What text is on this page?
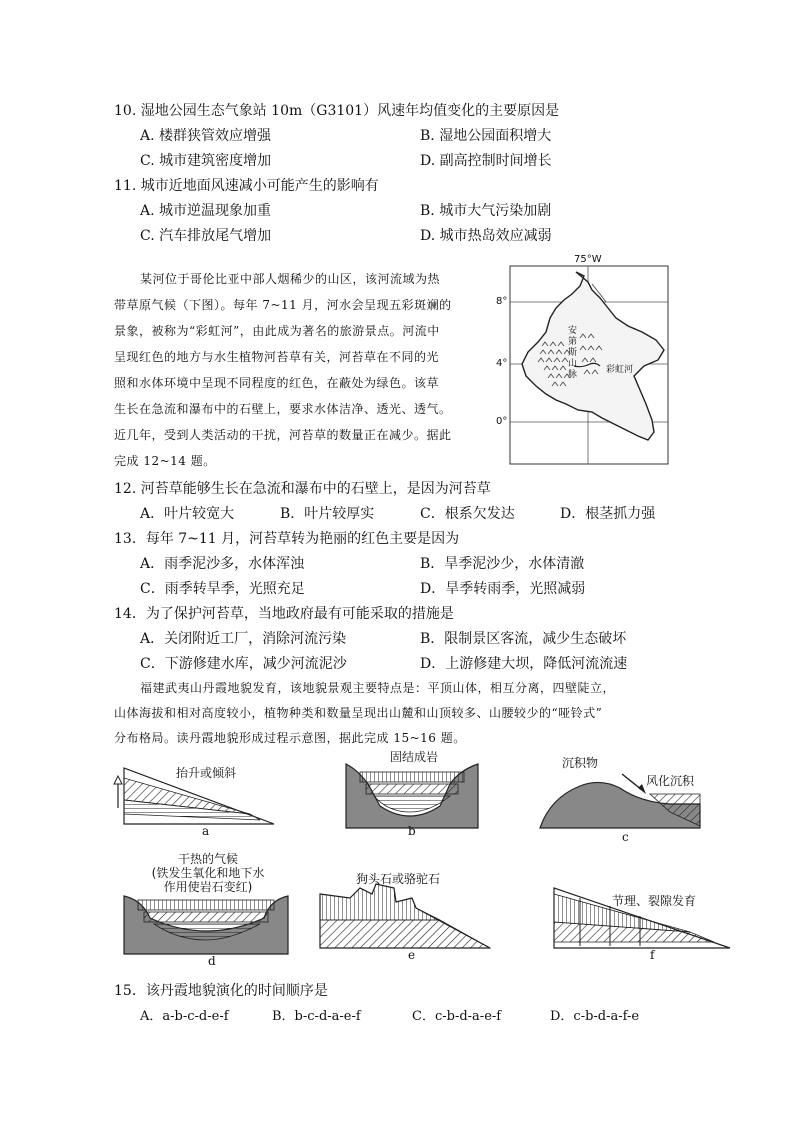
10. 湿地公园生态气象站 10m（G3101）风速年均值变化的主要原因是
A. 楼群狭管效应增强	B. 湿地公园面积增大
C. 城市建筑密度增加	D. 副高控制时间增长
11. 城市近地面风速减小可能产生的影响有
A. 城市逆温现象加重	B. 城市大气污染加剧
C. 汽车排放尾气增加	D. 城市热岛效应减弱
某河位于哥伦比亚中部人烟稀少的山区，该河流域为热
带草原气候（下图）。每年 7~11 月，河水会呈现五彩斑斓的
景象，被称为“彩虹河”，由此成为著名的旅游景点。河流中
呈现红色的地方与水生植物河苔草有关，河苔草在不同的光
照和水体环境中呈现不同程度的红色，在蔽处为绿色。该草
生长在急流和瀑布中的石壁上，要求水体洁净、透光、透气。
近几年，受到人类活动的干扰，河苔草的数量正在减少。据此
完成 12~14 题。
75°W
8°
4°
0°
安
第
斯
山
脉	彩虹河
12. 河苔草能够生长在急流和瀑布中的石壁上，是因为河苔草
A．叶片较宽大	B．叶片较厚实	C．根系欠发达	D．根茎抓力强
13．每年 7~11 月，河苔草转为艳丽的红色主要是因为
A．雨季泥沙多，水体浑浊	B．旱季泥沙少，水体清澈
C．雨季转旱季，光照充足	D．旱季转雨季，光照减弱
14．为了保护河苔草，当地政府最有可能采取的措施是
A．关闭附近工厂，消除河流污染	B．限制景区客流，减少生态破坏
C．下游修建水库，减少河流泥沙	D．上游修建大坝，降低河流流速
福建武夷山丹霞地貌发育，该地貌景观主要特点是：平顶山体，相互分离，四壁陡立，
山体海拔和相对高度较小，植物种类和数量呈现出山麓和山顶较多、山腰较少的“哑铃式”
分布格局。读丹霞地貌形成过程示意图，据此完成 15~16 题。
抬升或倾斜
a
固结成岩
b
沉积物
风化沉积
c
干热的气候
(铁发生氧化和地下水
作用使岩石变红)
d
狗头石或骆驼石
e
节理、裂隙发育
f
15．该丹霞地貌演化的时间顺序是
A．a-b-c-d-e-f	B．b-c-d-a-e-f	C．c-b-d-a-e-f	D．c-b-d-a-f-e
